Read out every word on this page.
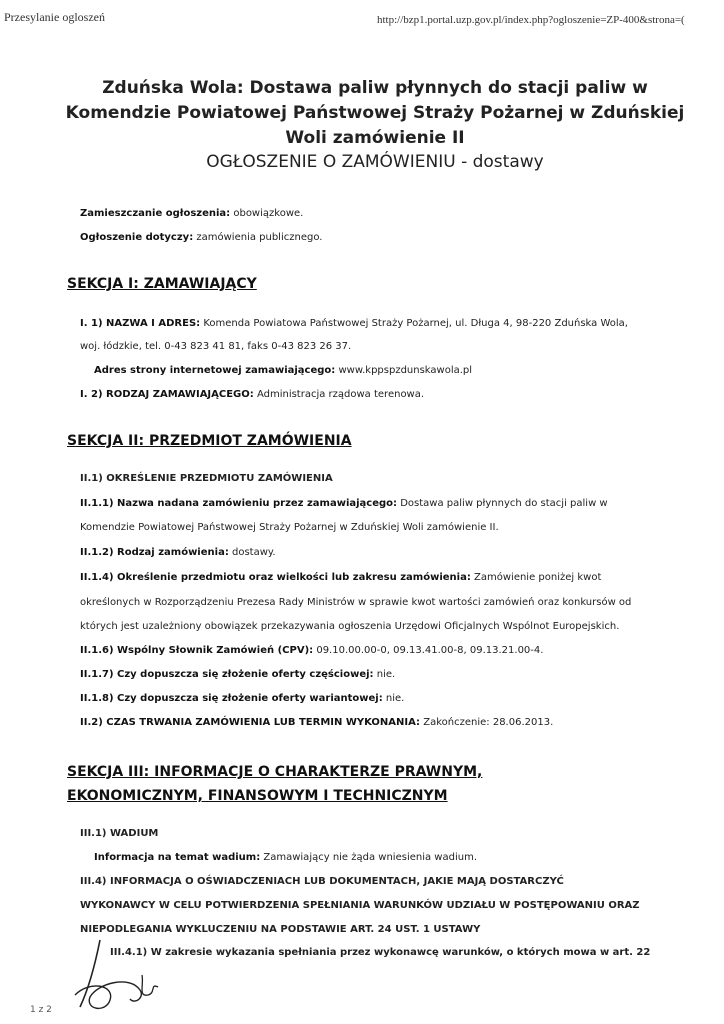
Przesylanie ogloszeń	http://bzp1.portal.uzp.gov.pl/index.php?ogloszenie=ZP-400&strona=(
Zduńska Wola: Dostawa paliw płynnych do stacji paliw w Komendzie Powiatowej Państwowej Straży Pożarnej w Zduńskiej Woli zamówienie II
OGŁOSZENIE O ZAMÓWIENIU - dostawy
Zamieszczanie ogłoszenia: obowiązkowe.
Ogłoszenie dotyczy: zamówienia publicznego.
SEKCJA I: ZAMAWIAJĄCY
I. 1) NAZWA I ADRES: Komenda Powiatowa Państwowej Straży Pożarnej, ul. Długa 4, 98-220 Zduńska Wola,
woj. łódzkie, tel. 0-43 823 41 81, faks 0-43 823 26 37.
Adres strony internetowej zamawiającego: www.kppspzdunskawola.pl
I. 2) RODZAJ ZAMAWIAJĄCEGO: Administracja rządowa terenowa.
SEKCJA II: PRZEDMIOT ZAMÓWIENIA
II.1) OKREŚLENIE PRZEDMIOTU ZAMÓWIENIA
II.1.1) Nazwa nadana zamówieniu przez zamawiającego: Dostawa paliw płynnych do stacji paliw w
Komendzie Powiatowej Państwowej Straży Pożarnej w Zduńskiej Woli zamówienie II.
II.1.2) Rodzaj zamówienia: dostawy.
II.1.4) Określenie przedmiotu oraz wielkości lub zakresu zamówienia: Zamówienie poniżej kwot
określonych w Rozporządzeniu Prezesa Rady Ministrów w sprawie kwot wartości zamówień oraz konkursów od
których jest uzależniony obowiązek przekazywania ogłoszenia Urzędowi Oficjalnych Wspólnot Europejskich.
II.1.6) Wspólny Słownik Zamówień (CPV): 09.10.00.00-0, 09.13.41.00-8, 09.13.21.00-4.
II.1.7) Czy dopuszcza się złożenie oferty częściowej: nie.
II.1.8) Czy dopuszcza się złożenie oferty wariantowej: nie.
II.2) CZAS TRWANIA ZAMÓWIENIA LUB TERMIN WYKONANIA: Zakończenie: 28.06.2013.
SEKCJA III: INFORMACJE O CHARAKTERZE PRAWNYM,
EKONOMICZNYM, FINANSOWYM I TECHNICZNYM
III.1) WADIUM
Informacja na temat wadium: Zamawiający nie żąda wniesienia wadium.
III.4) INFORMACJA O OŚWIADCZENIACH LUB DOKUMENTACH, JAKIE MAJĄ DOSTARCZYĆ
WYKONAWCY W CELU POTWIERDZENIA SPEŁNIANIA WARUNKÓW UDZIAŁU W POSTĘPOWANIU ORAZ
NIEPODLEGANIA WYKLUCZENIU NA PODSTAWIE ART. 24 UST. 1 USTAWY
III.4.1) W zakresie wykazania spełniania przez wykonawcę warunków, o których mowa w art. 22
1 z 2
